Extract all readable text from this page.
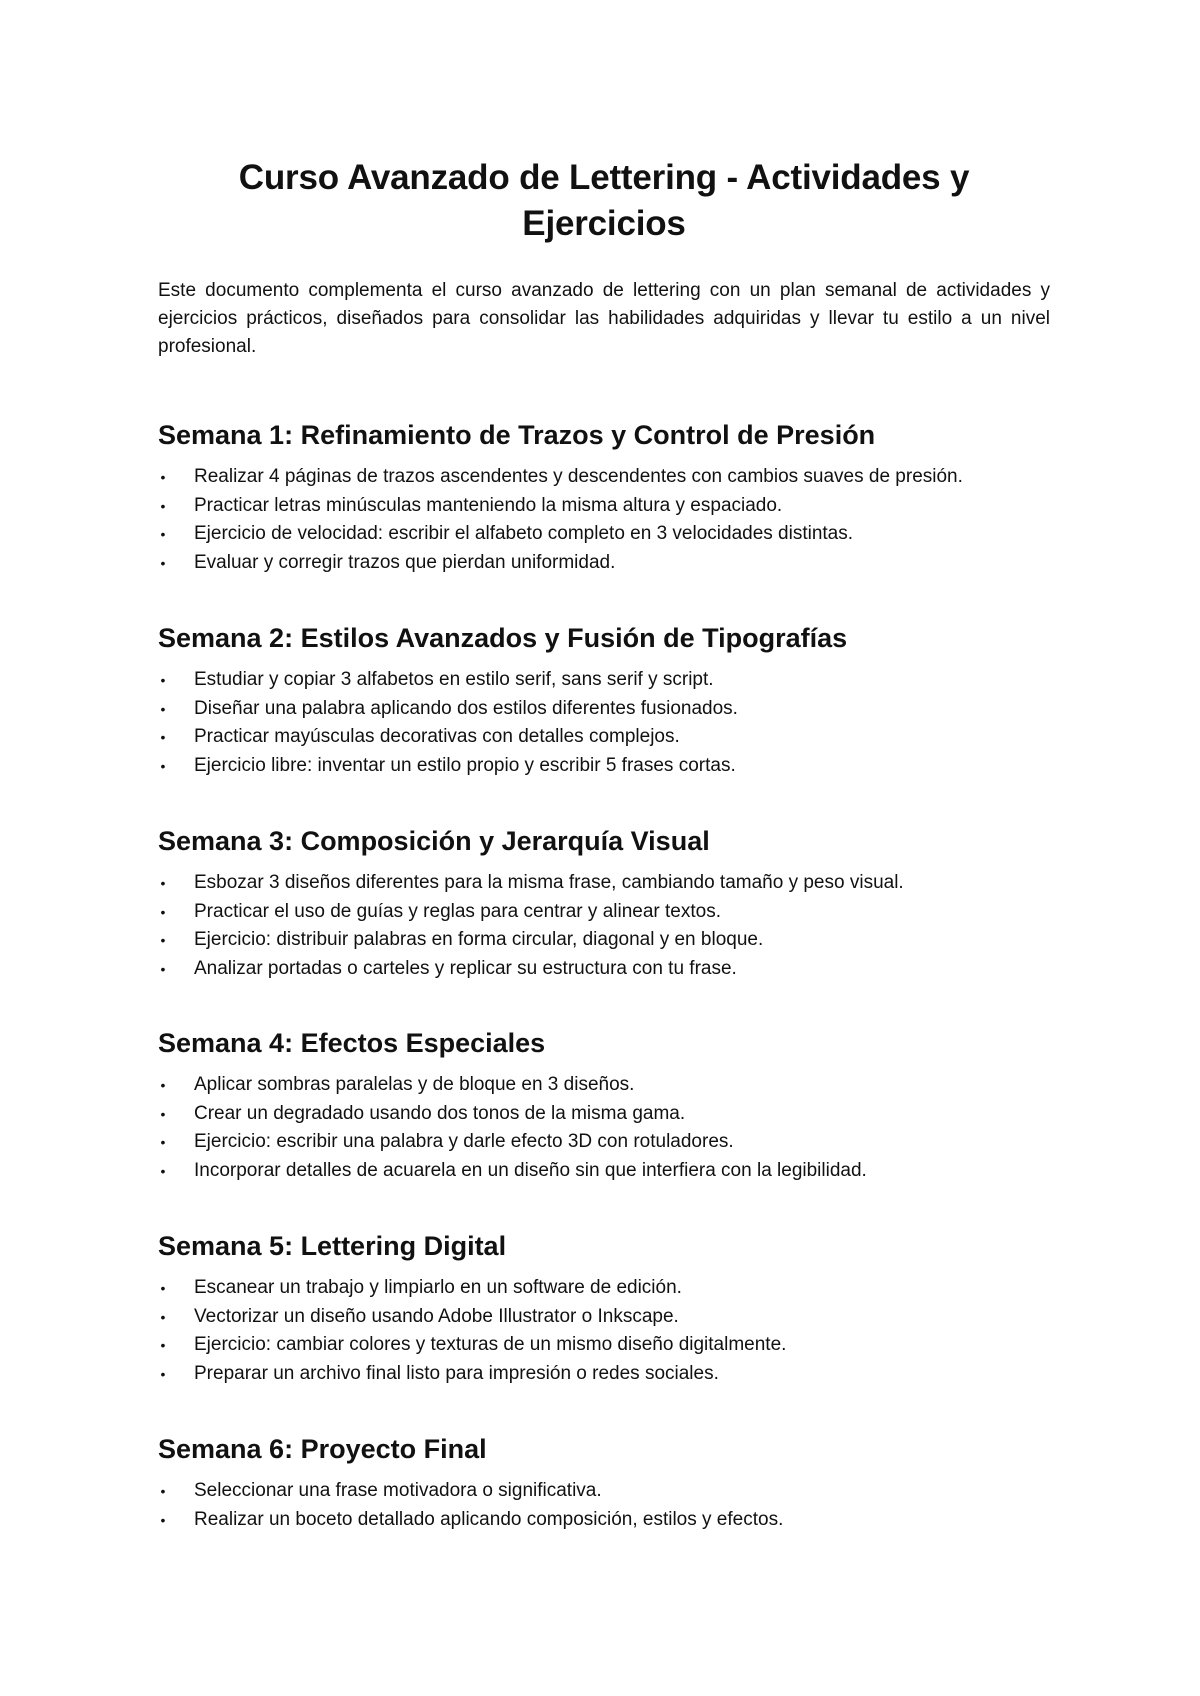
Curso Avanzado de Lettering - Actividades y Ejercicios

Este documento complementa el curso avanzado de lettering con un plan semanal de actividades y ejercicios prácticos, diseñados para consolidar las habilidades adquiridas y llevar tu estilo a un nivel profesional.

Semana 1: Refinamiento de Trazos y Control de Presión
• Realizar 4 páginas de trazos ascendentes y descendentes con cambios suaves de presión.
• Practicar letras minúsculas manteniendo la misma altura y espaciado.
• Ejercicio de velocidad: escribir el alfabeto completo en 3 velocidades distintas.
• Evaluar y corregir trazos que pierdan uniformidad.
Semana 2: Estilos Avanzados y Fusión de Tipografías
• Estudiar y copiar 3 alfabetos en estilo serif, sans serif y script.
• Diseñar una palabra aplicando dos estilos diferentes fusionados.
• Practicar mayúsculas decorativas con detalles complejos.
• Ejercicio libre: inventar un estilo propio y escribir 5 frases cortas.
Semana 3: Composición y Jerarquía Visual
• Esbozar 3 diseños diferentes para la misma frase, cambiando tamaño y peso visual.
• Practicar el uso de guías y reglas para centrar y alinear textos.
• Ejercicio: distribuir palabras en forma circular, diagonal y en bloque.
• Analizar portadas o carteles y replicar su estructura con tu frase.
Semana 4: Efectos Especiales
• Aplicar sombras paralelas y de bloque en 3 diseños.
• Crear un degradado usando dos tonos de la misma gama.
• Ejercicio: escribir una palabra y darle efecto 3D con rotuladores.
• Incorporar detalles de acuarela en un diseño sin que interfiera con la legibilidad.
Semana 5: Lettering Digital
• Escanear un trabajo y limpiarlo en un software de edición.
• Vectorizar un diseño usando Adobe Illustrator o Inkscape.
• Ejercicio: cambiar colores y texturas de un mismo diseño digitalmente.
• Preparar un archivo final listo para impresión o redes sociales.
Semana 6: Proyecto Final
• Seleccionar una frase motivadora o significativa.
• Realizar un boceto detallado aplicando composición, estilos y efectos.
